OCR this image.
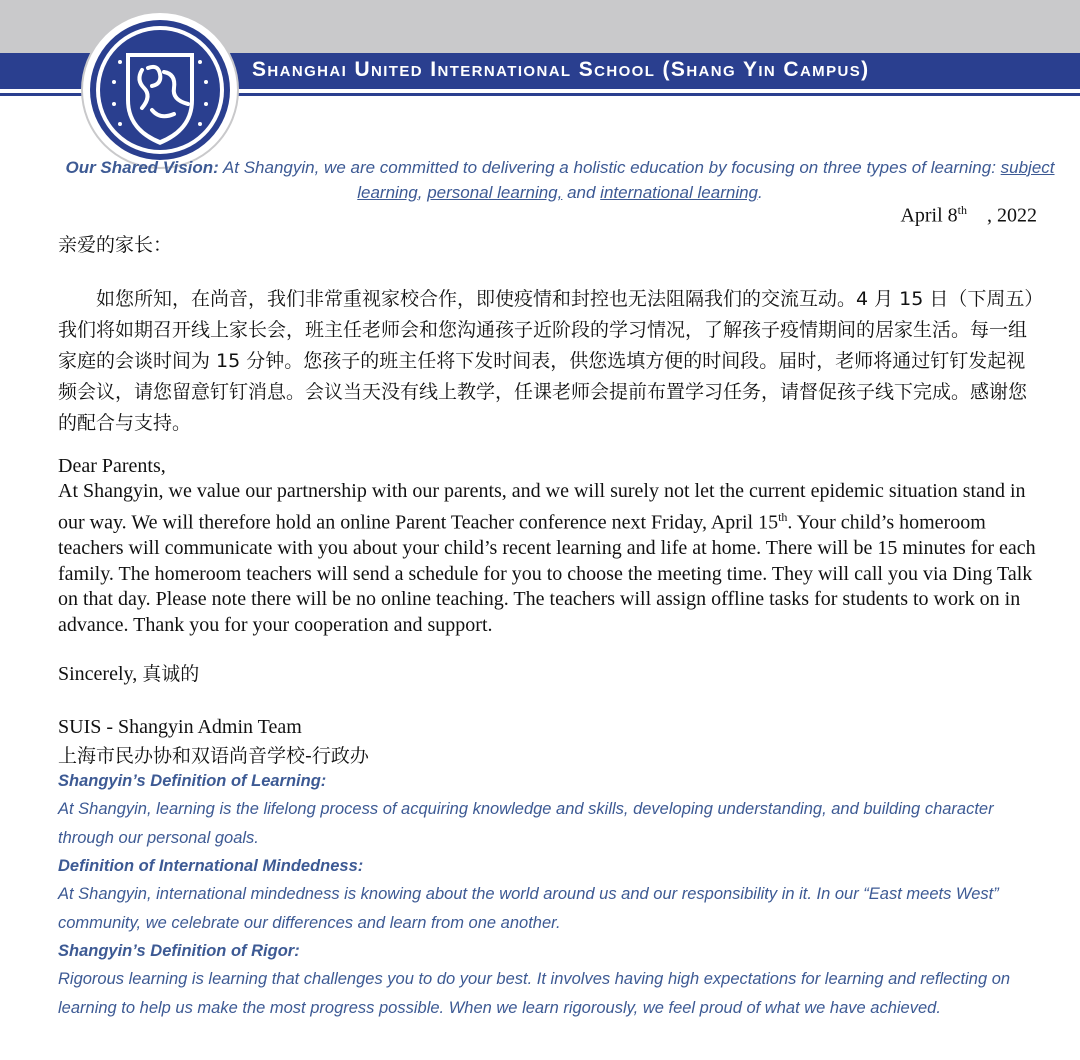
Shanghai United International School (Shang Yin Campus)
Our Shared Vision: At Shangyin, we are committed to delivering a holistic education by focusing on three types of learning: subject learning, personal learning, and international learning.
April 8th    , 2022
亲爱的家长：
如您所知，在尚音，我们非常重视家校合作，即使疫情和封控也无法阻隔我们的交流互动。4 月 15 日（下周五）我们将如期召开线上家长会，班主任老师会和您沟通孩子近阶段的学习情况，了解孩子疫情期间的居家生活。每一组家庭的会谈时间为 15 分钟。您孩子的班主任将下发时间表，供您选填方便的时间段。届时，老师将通过钉钉发起视频会议，请您留意钉钉消息。会议当天没有线上教学，任课老师会提前布置学习任务，请督促孩子线下完成。感谢您的配合与支持。
Dear Parents,
At Shangyin, we value our partnership with our parents, and we will surely not let the current epidemic situation stand in our way. We will therefore hold an online Parent Teacher conference next Friday, April 15th. Your child’s homeroom teachers will communicate with you about your child’s recent learning and life at home. There will be 15 minutes for each family. The homeroom teachers will send a schedule for you to choose the meeting time. They will call you via Ding Talk on that day. Please note there will be no online teaching. The teachers will assign offline tasks for students to work on in advance. Thank you for your cooperation and support.
Sincerely, 真诚的
SUIS - Shangyin Admin Team
上海市民办协和双语尚音学校-行政办
Shangyin’s Definition of Learning:
At Shangyin, learning is the lifelong process of acquiring knowledge and skills, developing understanding, and building character through our personal goals.
Definition of International Mindedness:
At Shangyin, international mindedness is knowing about the world around us and our responsibility in it. In our “East meets West” community, we celebrate our differences and learn from one another.
Shangyin’s Definition of Rigor:
Rigorous learning is learning that challenges you to do your best. It involves having high expectations for learning and reflecting on learning to help us make the most progress possible. When we learn rigorously, we feel proud of what we have achieved.
